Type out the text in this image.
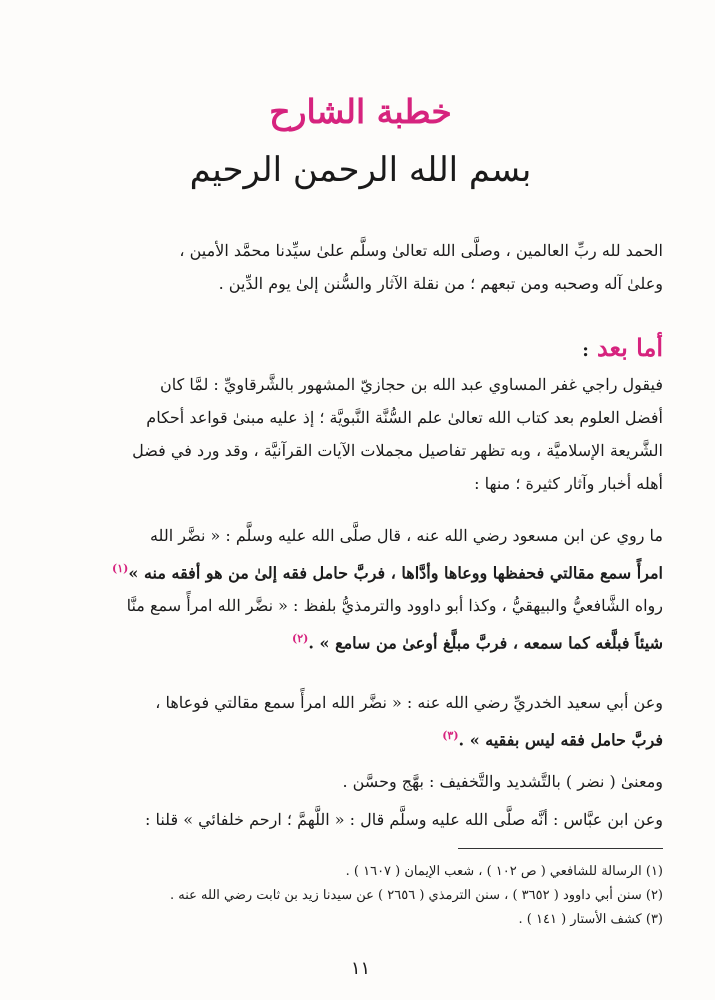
خطبة الشارح
بسم الله الرحمن الرحيم
الحمد لله ربِّ العالمين ، وصلَّى الله تعالىٰ وسلَّم علىٰ سيِّدنا محمَّد الأمين ،
وعلىٰ آله وصحبه ومن تبعهم ؛ من نقلة الآثار والسُّنن إلىٰ يوم الدِّين .
أما بعد:
فيقول راجي غفر المساوي عبد الله بن حجازيّ المشهور بالشَّرقاويِّ : لمَّا كان
أفضل العلوم بعد كتاب الله تعالىٰ علم السُّنَّة النَّبويَّة ؛ إذ عليه مبنىٰ قواعد أحكام
الشَّريعة الإسلاميَّة ، وبه تظهر تفاصيل مجملات الآيات القرآنيَّة ، وقد ورد في فضل
أهله أخبار وآثار كثيرة ؛ منها :
ما روي عن ابن مسعود رضي الله عنه ، قال صلَّى الله عليه وسلَّم : « نضَّر الله
امرأً سمع مقالتي فحفظها ووعاها وأدَّاها ، فربَّ حامل فقه إلىٰ من هو أفقه منه »$^{(١)}$
رواه الشَّافعيُّ والبيهقيُّ ، وكذا أبو داوود والترمذيُّ بلفظ : « نضَّر الله امرأً سمع منَّا
شيئاً فبلَّغه كما سمعه ، فربَّ مبلَّغ أوعىٰ من سامع » .$^{(٢)}$
وعن أبي سعيد الخدريِّ رضي الله عنه : « نضَّر الله امرأً سمع مقالتي فوعاها ،
فربَّ حامل فقه ليس بفقيه » .$^{(٣)}$
ومعنىٰ ( نضر ) بالتَّشديد والتَّخفيف : بهَّج وحسَّن .
وعن ابن عبَّاس : أنَّه صلَّى الله عليه وسلَّم قال : « اللَّهمَّ ؛ ارحم خلفائي » قلنا :
(١) الرسالة للشافعي ( ص ١٠٢ ) ، شعب الإيمان ( ١٦٠٧ ) .
(٢) سنن أبي داوود ( ٣٦٥٢ ) ، سنن الترمذي ( ٢٦٥٦ ) عن سيدنا زيد بن ثابت رضي الله عنه .
(٣) كشف الأستار ( ١٤١ ) .
١١
